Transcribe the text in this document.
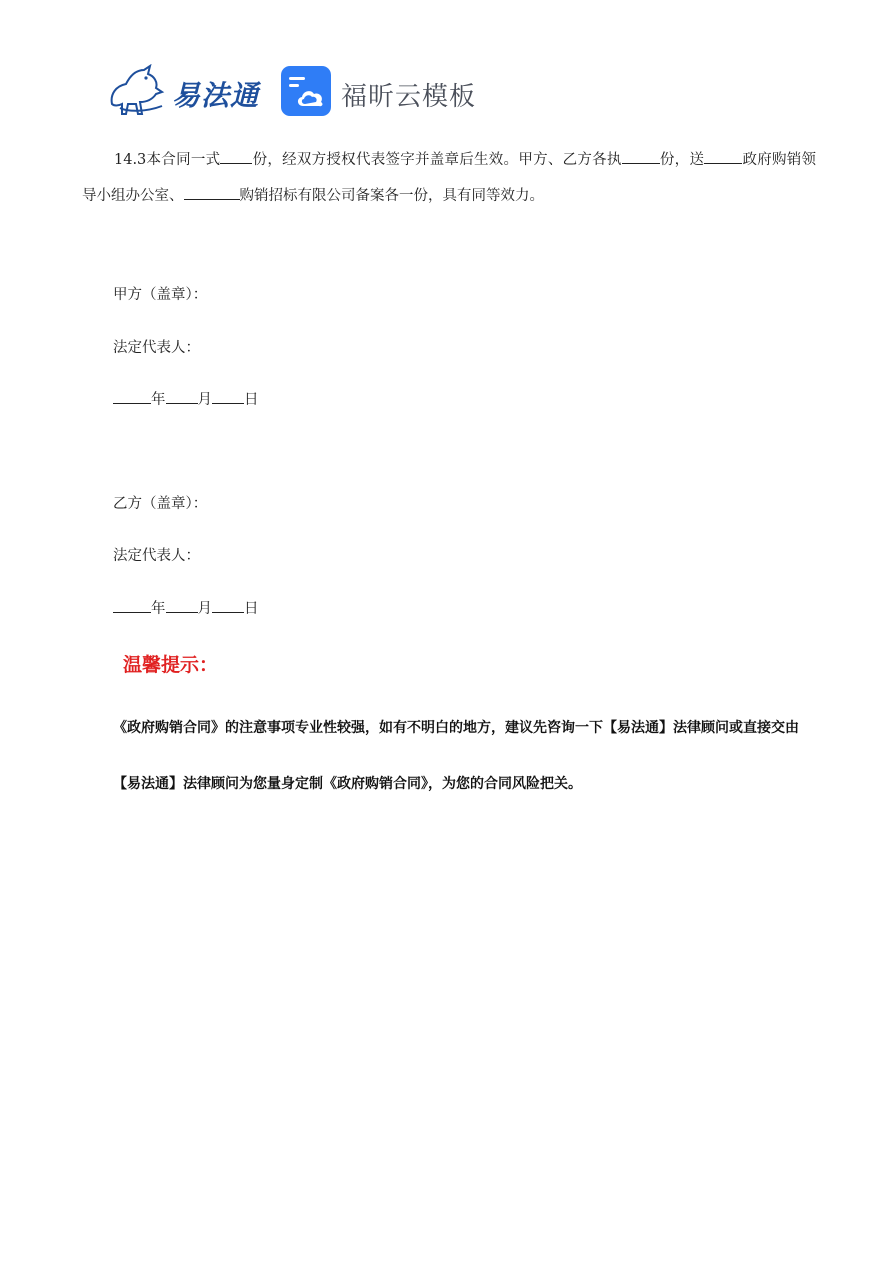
易法通	福昕云模板
14.3本合同一式 份，经双方授权代表签字并盖章后生效。甲方、乙方各执	份，送	政府购销领导小组办公室、	购销招标有限公司备案各一份，具有同等效力。
甲方（盖章）：
法定代表人：
年 月 日
乙方（盖章）：
法定代表人：
年 月 日
温馨提示：
《政府购销合同》的注意事项专业性较强，如有不明白的地方，建议先咨询一下【易法通】法律顾问或直接交由【易法通】法律顾问为您量身定制《政府购销合同》，为您的合同风险把关。
